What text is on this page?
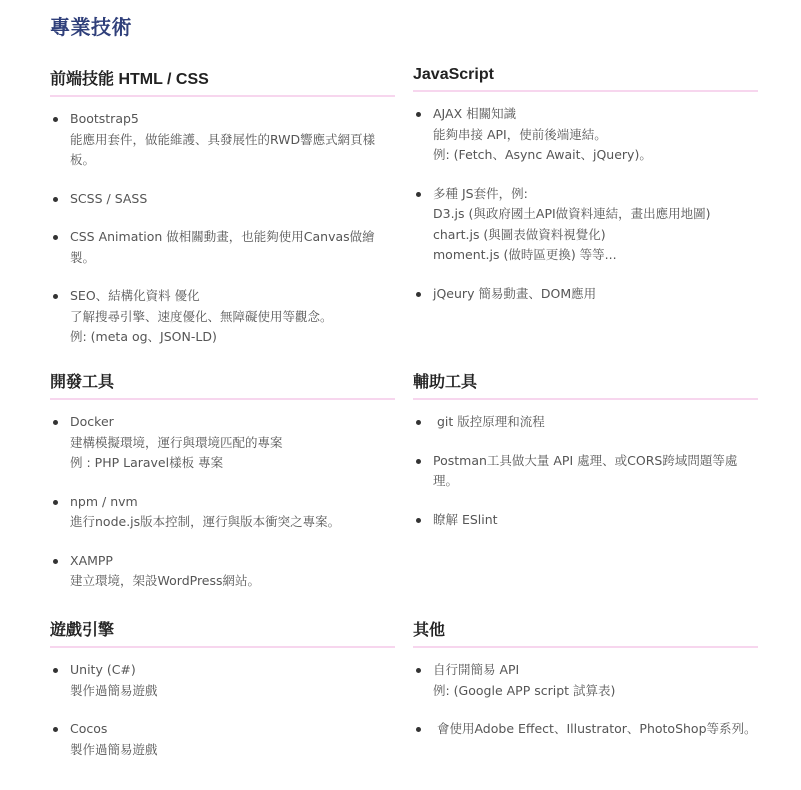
專業技術
前端技能 HTML / CSS
Bootstrap5
能應用套件，做能維護、具發展性的RWD響應式網頁樣板。
SCSS / SASS
CSS Animation 做相關動畫，也能夠使用Canvas做繪製。
SEO、結構化資料 優化
了解搜尋引擎、速度優化、無障礙使用等觀念。
例: (meta og、JSON-LD)
JavaScript
AJAX 相關知識
能夠串接 API，使前後端連結。
例: (Fetch、Async Await、jQuery)。
多種 JS套件，例:
D3.js (與政府國土API做資料連結，畫出應用地圖)
chart.js (與圖表做資料視覺化)
moment.js (做時區更換) 等等...
jQeury 簡易動畫、DOM應用
開發工具
Docker
建構模擬環境，運行與環境匹配的專案
例 : PHP Laravel樣板 專案
npm / nvm
進行node.js版本控制，運行與版本衝突之專案。
XAMPP
建立環境，架設WordPress網站。
輔助工具
git 版控原理和流程
Postman工具做大量 API 處理、或CORS跨域問題等處理。
瞭解 ESlint
遊戲引擎
Unity (C#)
製作過簡易遊戲
Cocos
製作過簡易遊戲
其他
自行開簡易 API
例: (Google APP script 試算表)
會使用Adobe Effect、Illustrator、PhotoShop等系列。
